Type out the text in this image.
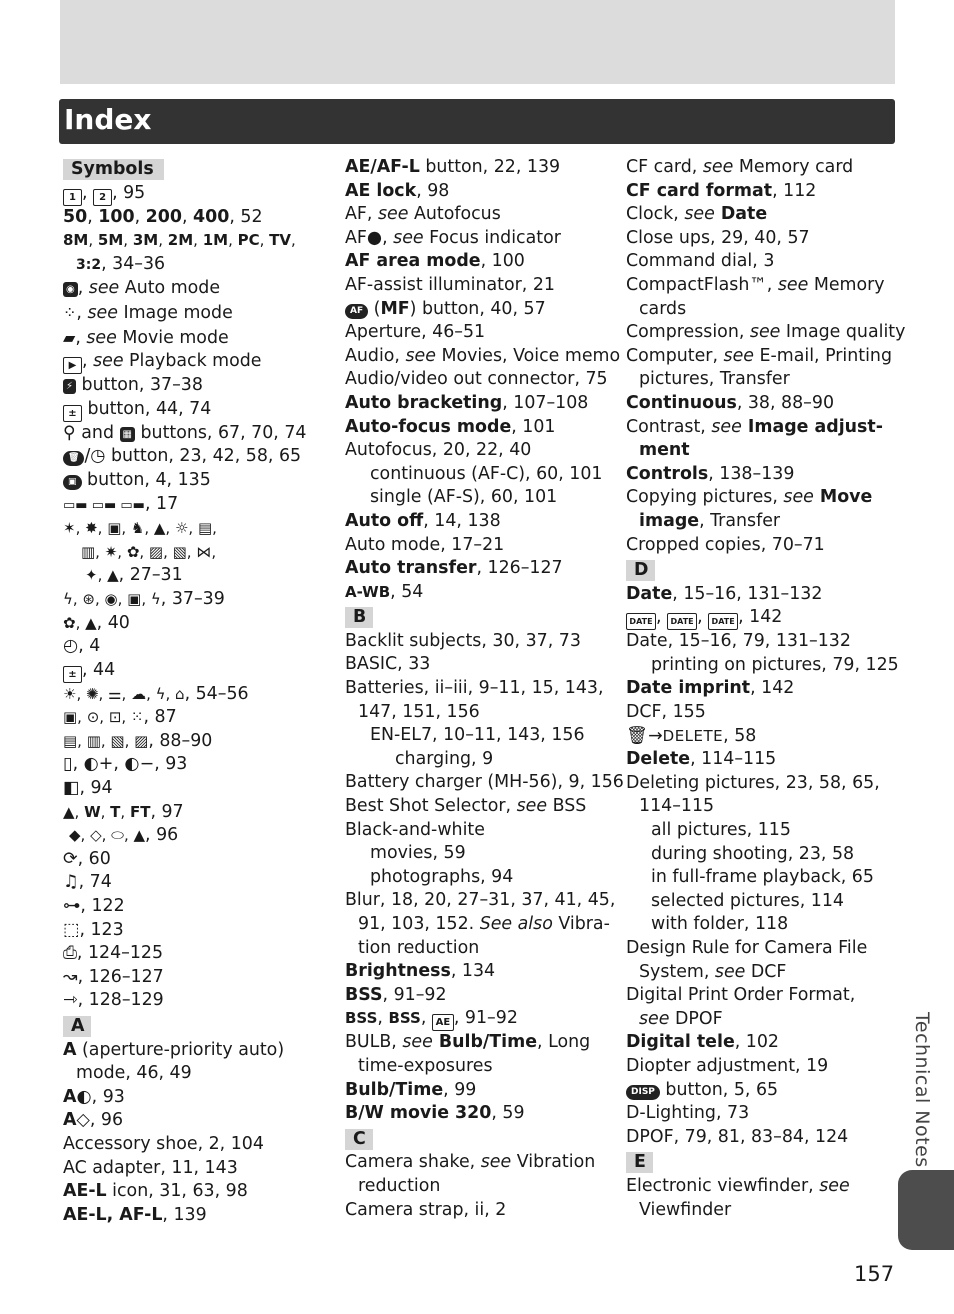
Index
Symbols
1 , 2 , 95
50, 100, 200, 400, 52
8M, 5M, 3M, 2M, 1M, PC, TV,
3:2, 34–36
◉ , see Auto mode
⁘, see Image mode
▰, see Movie mode
▶ , see Playback mode
⚡ button, 37–38
± button, 44, 74
⚲ and ▦ buttons, 67, 70, 74
🗑 /◷ button, 23, 42, 58, 65
▣ button, 4, 135
▭▬ ▭▬ ▭▬, 17
✶, ✸, ▣, ♞, ▲, ☼, ▤,
▥, ✷, ✿, ▨, ▧, ⋈,
✦, ▲, 27–31
ϟ, ⊛, ◉, ▣, ϟ, 37–39
✿, ▲, 40
◴, 4
± , 44
☀, ✺, ⚌, ☁, ϟ, ⌂, 54–56
▣, ⊙, ⊡, ⁙, 87
▤, ▥, ▧, ▨, 88–90
▯, ◐+, ◐−, 93
◧, 94
▲, W, T, FT, 97
◆, ◇, ⬭, ▲, 96
⟳, 60
♫, 74
⊶, 122
⬚, 123
⎙, 124–125
↝, 126–127
⇾, 128–129
A
A (aperture-priority auto)
mode, 46, 49
A◐, 93
A◇, 96
Accessory shoe, 2, 104
AC adapter, 11, 143
AE-L icon, 31, 63, 98
AE-L, AF-L, 139
AE/AF-L button, 22, 139
AE lock, 98
AF, see Autofocus
AF●, see Focus indicator
AF area mode, 100
AF-assist illuminator, 21
AF (MF) button, 40, 57
Aperture, 46–51
Audio, see Movies, Voice memo
Audio/video out connector, 75
Auto bracketing, 107–108
Auto-focus mode, 101
Autofocus, 20, 22, 40
continuous (AF-C), 60, 101
single (AF-S), 60, 101
Auto off, 14, 138
Auto mode, 17–21
Auto transfer, 126–127
A-WB, 54
B
Backlit subjects, 30, 37, 73
BASIC, 33
Batteries, ii–iii, 9–11, 15, 143,
147, 151, 156
EN-EL7, 10–11, 143, 156
charging, 9
Battery charger (MH-56), 9, 156
Best Shot Selector, see BSS
Black-and-white
movies, 59
photographs, 94
Blur, 18, 20, 27–31, 37, 41, 45,
91, 103, 152. See also Vibra-
tion reduction
Brightness, 134
BSS, 91–92
BSS, BSS, AE , 91–92
BULB, see Bulb/Time, Long
time-exposures
Bulb/Time, 99
B/W movie 320, 59
C
Camera shake, see Vibration
reduction
Camera strap, ii, 2
CF card, see Memory card
CF card format, 112
Clock, see Date
Close ups, 29, 40, 57
Command dial, 3
CompactFlash™, see Memory
cards
Compression, see Image quality
Computer, see E-mail, Printing
pictures, Transfer
Continuous, 38, 88–90
Contrast, see Image adjust-
ment
Controls, 138–139
Copying pictures, see Move
image, Transfer
Cropped copies, 70–71
D
Date, 15–16, 131–132
DATE , DATE , DATE , 142
Date, 15–16, 79, 131–132
printing on pictures, 79, 125
Date imprint, 142
DCF, 155
🗑→DELETE, 58
Delete, 114–115
Deleting pictures, 23, 58, 65,
114–115
all pictures, 115
during shooting, 23, 58
in full-frame playback, 65
selected pictures, 114
with folder, 118
Design Rule for Camera File
System, see DCF
Digital Print Order Format,
see DPOF
Digital tele, 102
Diopter adjustment, 19
DISP button, 5, 65
D-Lighting, 73
DPOF, 79, 81, 83–84, 124
E
Electronic viewfinder, see
Viewfinder
Technical Notes
157
